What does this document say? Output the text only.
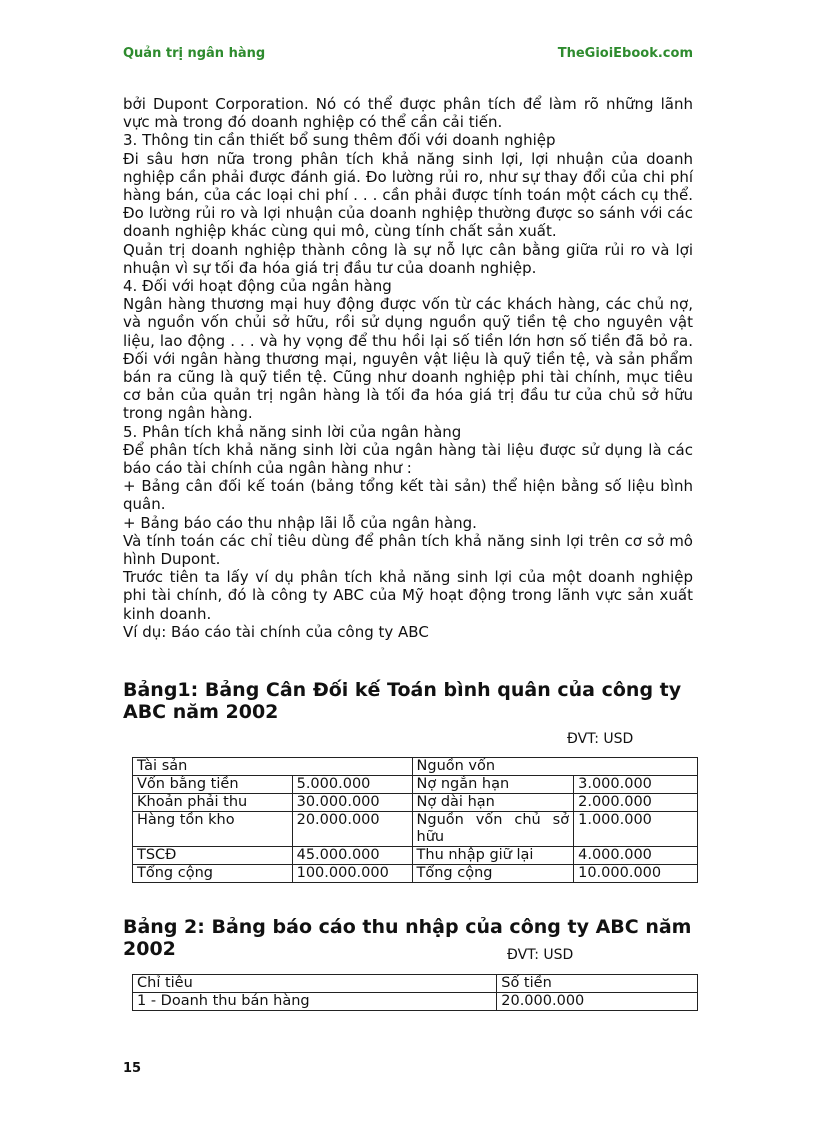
Quản trị ngân hàng	TheGioiEbook.com

bởi Dupont Corporation. Nó có thể được phân tích để làm rõ những lãnh vực mà trong đó doanh nghiệp có thể cần cải tiến.

3. Thông tin cần thiết bổ sung thêm đối với doanh nghiệp

Đi sâu hơn nữa trong phân tích khả năng sinh lợi, lợi nhuận của doanh nghiệp cần phải được đánh giá. Đo lường rủi ro, như sự thay đổi của chi phí hàng bán, của các loại chi phí . . . cần phải được tính toán một cách cụ thể. Đo lường rủi ro và lợi nhuận của doanh nghiệp thường được so sánh với các doanh nghiệp khác cùng qui mô, cùng tính chất sản xuất.

Quản trị doanh nghiệp thành công là sự nỗ lực cân bằng giữa rủi ro và lợi nhuận vì sự tối đa hóa giá trị đầu tư của doanh nghiệp.

4. Đối với hoạt động của ngân hàng

Ngân hàng thương mại huy động được vốn từ các khách hàng, các chủ nợ, và nguồn vốn chủi sở hữu, rồi sử dụng nguồn quỹ tiền tệ cho nguyên vật liệu, lao động . . . và hy vọng để thu hồi lại số tiền lớn hơn số tiền đã bỏ ra. Đối với ngân hàng thương mại, nguyên vật liệu là quỹ tiền tệ, và sản phẩm bán ra cũng là quỹ tiền tệ. Cũng như doanh nghiệp phi tài chính, mục tiêu cơ bản của quản trị ngân hàng là tối đa hóa giá trị đầu tư của chủ sở hữu trong ngân hàng.

5. Phân tích khả năng sinh lời của ngân hàng

Để phân tích khả năng sinh lời của ngân hàng tài liệu được sử dụng là các báo cáo tài chính của ngân hàng như :

+ Bảng cân đối kế toán (bảng tổng kết tài sản) thể hiện bằng số liệu bình quân.

+ Bảng báo cáo thu nhập lãi lỗ của ngân hàng.

Và tính toán các chỉ tiêu dùng để phân tích khả năng sinh lợi trên cơ sở mô hình Dupont.

Trước tiên ta lấy ví dụ phân tích khả năng sinh lợi của một doanh nghiệp phi tài chính, đó là công ty ABC của Mỹ hoạt động trong lãnh vực sản xuất kinh doanh.

Ví dụ: Báo cáo tài chính của công ty ABC

Bảng1: Bảng Cân Đối kế Toán bình quân của công ty ABC năm 2002
ĐVT: USD
Tài sản		Nguồn vốn	
Vốn bằng tiền	5.000.000	Nợ ngắn hạn	3.000.000
Khoản phải thu	30.000.000	Nợ dài hạn	2.000.000
Hàng tồn kho	20.000.000	Nguồn vốn chủ sở hữu	1.000.000
TSCĐ	45.000.000	Thu nhập giữ lại	4.000.000
Tổng cộng	100.000.000	Tổng cộng	10.000.000
Bảng 2: Bảng báo cáo thu nhập của công ty ABC năm 2002	ĐVT: USD
Chỉ tiêu	Số tiền
1 - Doanh thu bán hàng	20.000.000
15
